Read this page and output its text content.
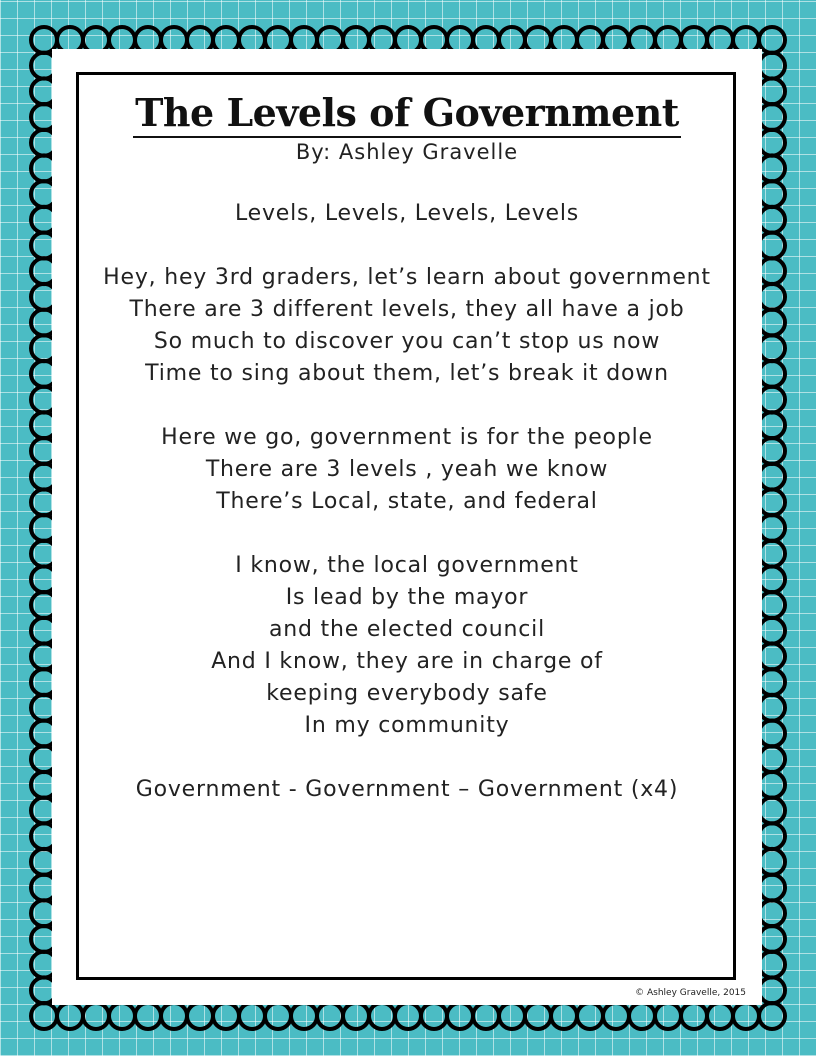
The Levels of Government
By: Ashley Gravelle
Levels, Levels, Levels, Levels
Hey, hey 3rd graders, let’s learn about government
There are 3 different levels, they all have a job
So much to discover you can’t stop us now
Time to sing about them, let’s break it down
Here we go, government is for the people
There are 3 levels , yeah we know
There’s Local, state, and federal
I know, the local government
Is lead by the mayor
and the elected council
And I know, they are in charge of
keeping everybody safe
In my community
Government - Government – Government (x4)
© Ashley Gravelle, 2015
